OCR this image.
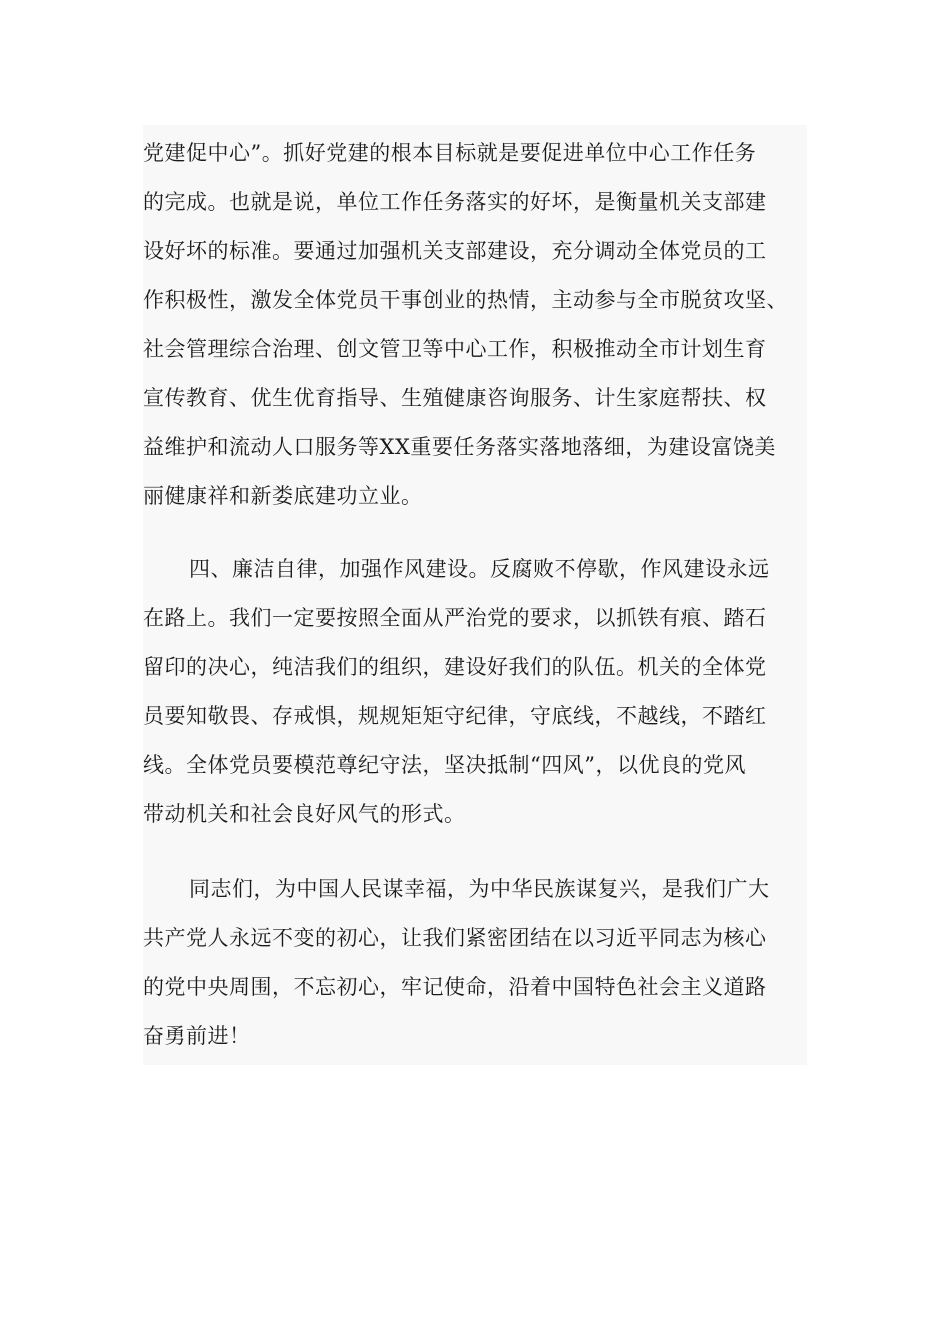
党建促中心”。抓好党建的根本目标就是要促进单位中心工作任务
的完成。也就是说，单位工作任务落实的好坏，是衡量机关支部建
设好坏的标准。要通过加强机关支部建设，充分调动全体党员的工
作积极性，激发全体党员干事创业的热情，主动参与全市脱贫攻坚、
社会管理综合治理、创文管卫等中心工作，积极推动全市计划生育
宣传教育、优生优育指导、生殖健康咨询服务、计生家庭帮扶、权
益维护和流动人口服务等XX重要任务落实落地落细，为建设富饶美
丽健康祥和新娄底建功立业。
四、廉洁自律，加强作风建设。反腐败不停歇，作风建设永远
在路上。我们一定要按照全面从严治党的要求，以抓铁有痕、踏石
留印的决心，纯洁我们的组织，建设好我们的队伍。机关的全体党
员要知敬畏、存戒惧，规规矩矩守纪律，守底线，不越线，不踏红
线。全体党员要模范尊纪守法，坚决抵制“四风”，以优良的党风
带动机关和社会良好风气的形式。
同志们，为中国人民谋幸福，为中华民族谋复兴，是我们广大
共产党人永远不变的初心，让我们紧密团结在以习近平同志为核心
的党中央周围，不忘初心，牢记使命，沿着中国特色社会主义道路
奋勇前进！
